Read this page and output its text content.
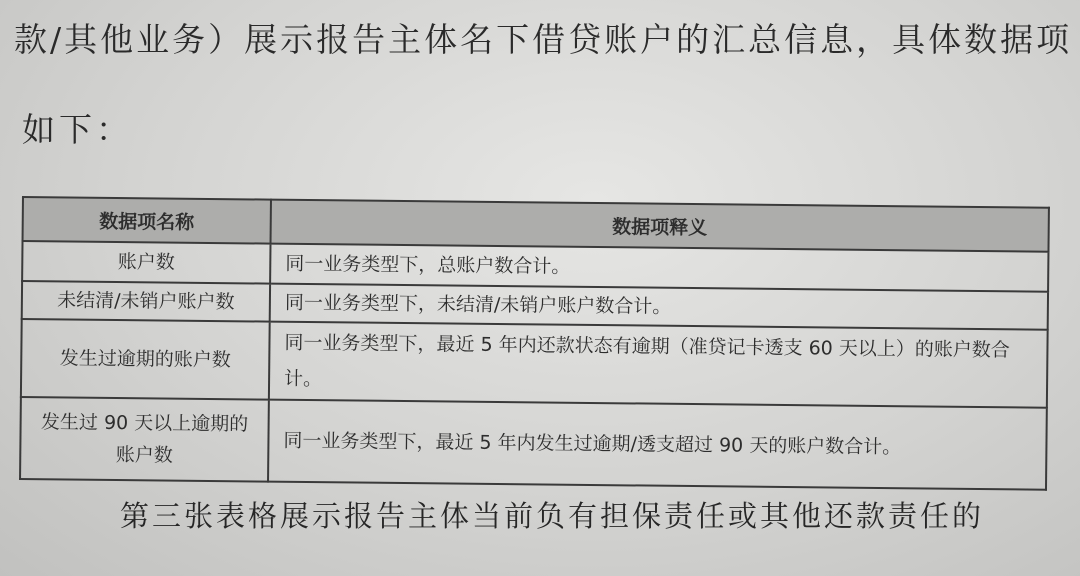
款/其他业务）展示报告主体名下借贷账户的汇总信息，具体数据项
如下：
数据项名称	数据项释义
账户数	同一业务类型下，总账户数合计。
未结清/未销户账户数	同一业务类型下，未结清/未销户账户数合计。
发生过逾期的账户数	同一业务类型下，最近 5 年内还款状态有逾期（准贷记卡透支 60 天以上）的账户数合计。
发生过 90 天以上逾期的账户数	同一业务类型下，最近 5 年内发生过逾期/透支超过 90 天的账户数合计。
第三张表格展示报告主体当前负有担保责任或其他还款责任的
